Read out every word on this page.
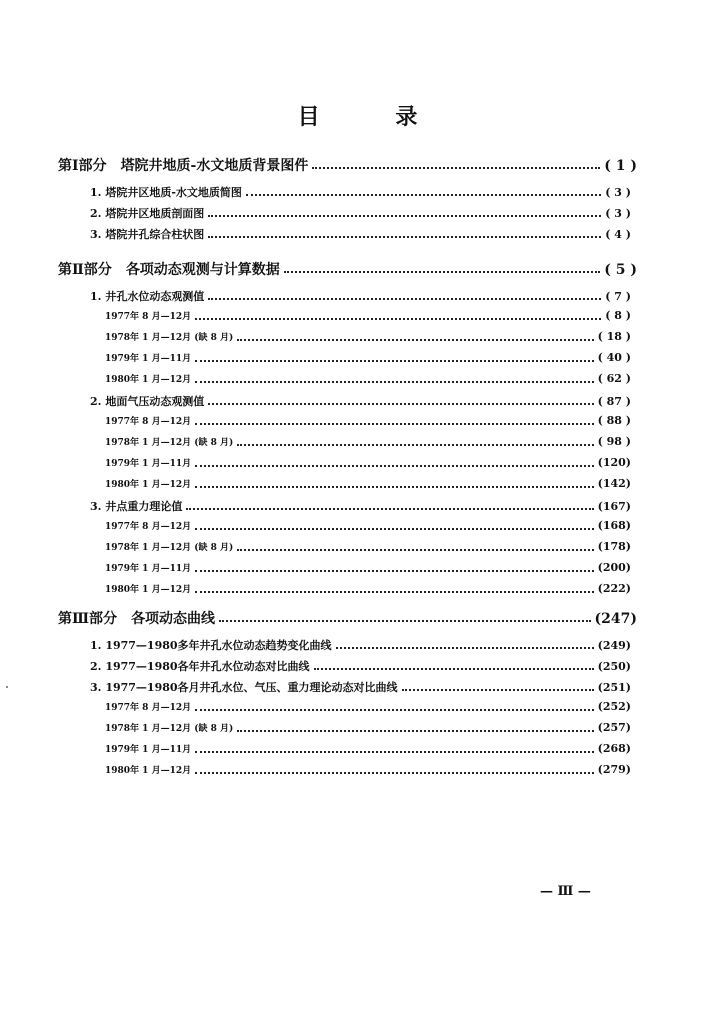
目 录
第Ⅰ部分 塔院井地质-水文地质背景图件	( 1 )
1. 塔院井区地质-水文地质简图	( 3 )
2. 塔院井区地质剖面图	( 3 )
3. 塔院井孔综合柱状图	( 4 )
第Ⅱ部分 各项动态观测与计算数据	( 5 )
1. 井孔水位动态观测值	( 7 )
1977年 8 月—12月	( 8 )
1978年 1 月—12月 (缺 8 月)	( 18 )
1979年 1 月—11月	( 40 )
1980年 1 月—12月	( 62 )
2. 地面气压动态观测值	( 87 )
1977年 8 月—12月	( 88 )
1978年 1 月—12月 (缺 8 月)	( 98 )
1979年 1 月—11月	(120)
1980年 1 月—12月	(142)
3. 井点重力理论值	(167)
1977年 8 月—12月	(168)
1978年 1 月—12月 (缺 8 月)	(178)
1979年 1 月—11月	(200)
1980年 1 月—12月	(222)
第Ⅲ部分 各项动态曲线	(247)
1. 1977—1980多年井孔水位动态趋势变化曲线	(249)
2. 1977—1980各年井孔水位动态对比曲线	(250)
3. 1977—1980各月井孔水位、气压、重力理论动态对比曲线	(251)
1977年 8 月—12月	(252)
1978年 1 月—12月 (缺 8 月)	(257)
1979年 1 月—11月	(268)
1980年 1 月—12月	(279)
— Ⅲ —
